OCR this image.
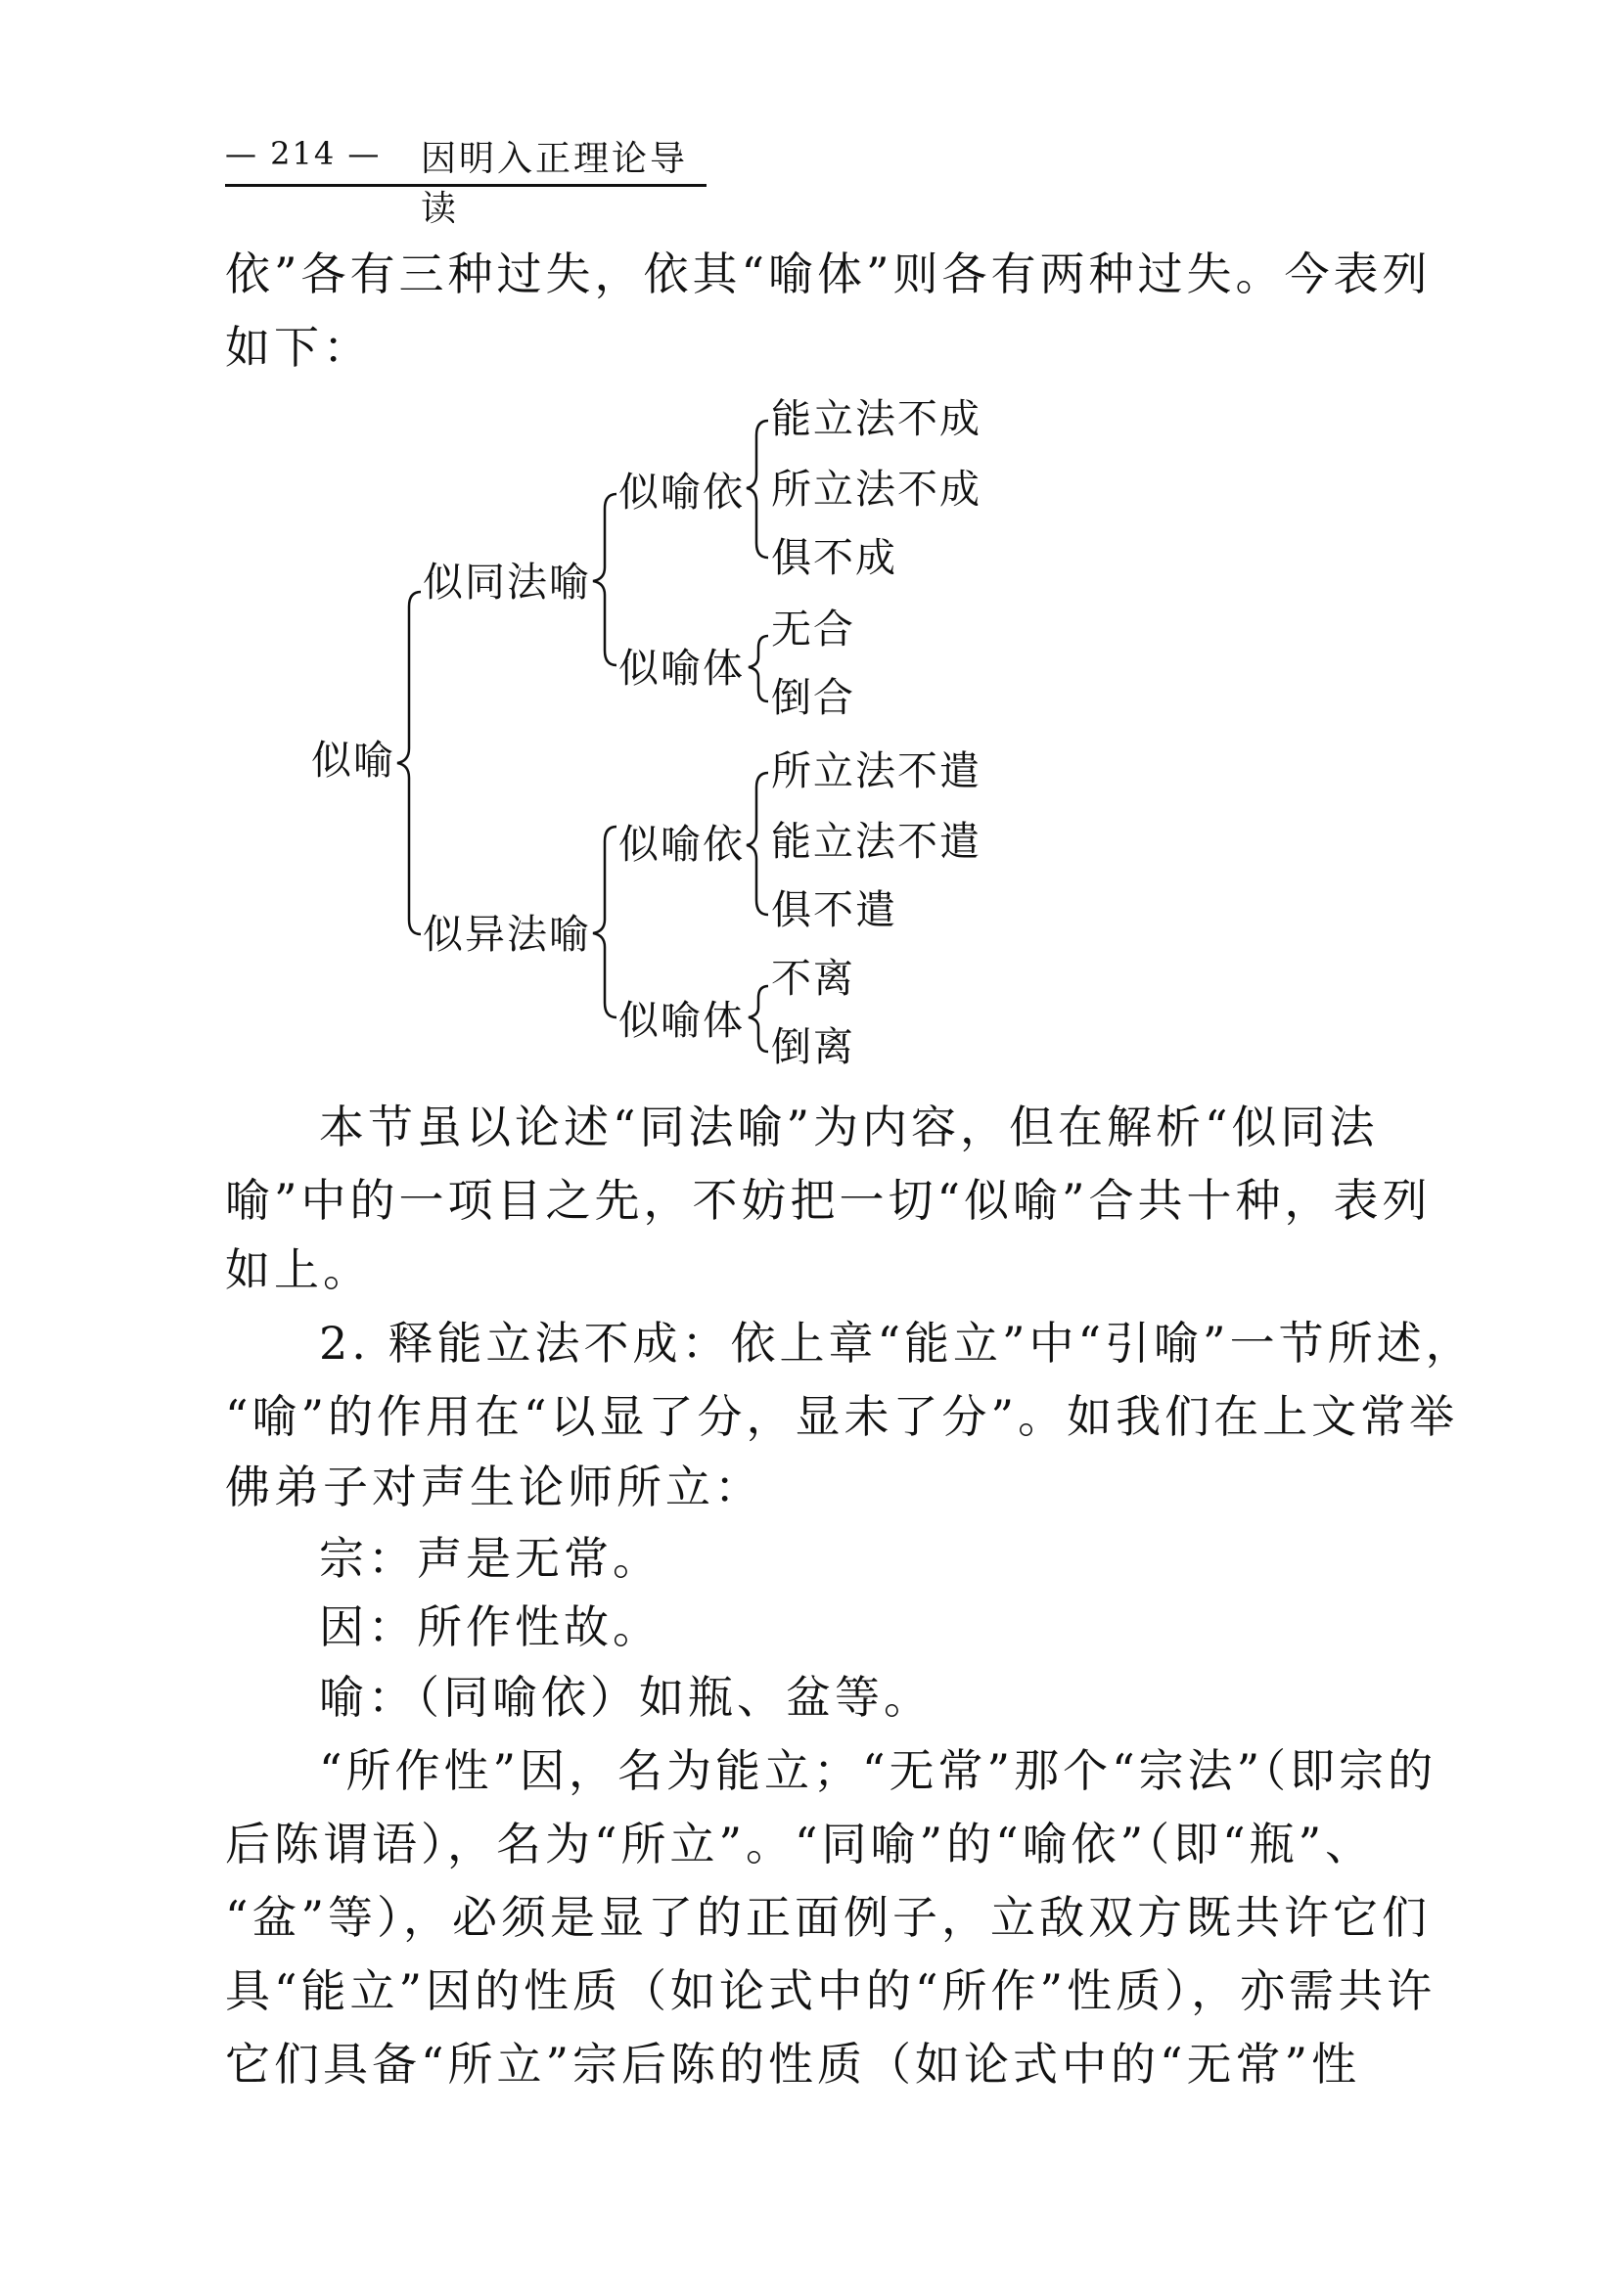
— 214 — 因明入正理论导读
依”各有三种过失，依其“喻体”则各有两种过失。今表列
如下：
似喻
似同法喻
似喻依
能立法不成
所立法不成
俱不成
似喻体
无合
倒合
似异法喻
似喻依
所立法不遣
能立法不遣
俱不遣
似喻体
不离
倒离
本节虽以论述“同法喻”为内容，但在解析“似同法
喻”中的一项目之先，不妨把一切“似喻”合共十种，表列
如上。
2. 释能立法不成：依上章“能立”中“引喻”一节所述，
“喻”的作用在“以显了分，显未了分”。如我们在上文常举
佛弟子对声生论师所立：
宗：声是无常。
因：所作性故。
喻：（同喻依）如瓶、盆等。
“所作性”因，名为能立；“无常”那个“宗法”（即宗的
后陈谓语），名为“所立”。“同喻”的“喻依”（即“瓶”、
“盆”等），必须是显了的正面例子，立敌双方既共许它们
具“能立”因的性质（如论式中的“所作”性质），亦需共许
它们具备“所立”宗后陈的性质（如论式中的“无常”性
